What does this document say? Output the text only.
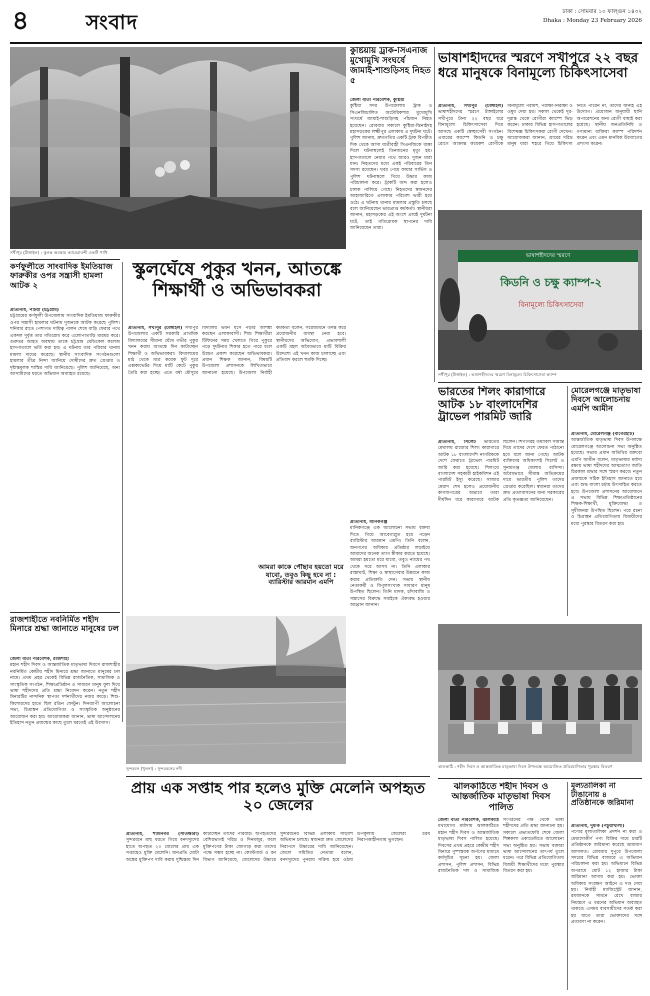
৪	সংবাদ	ঢাকা : সোমবার ১০ ফাল্গুন ১৪৩২
Dhaka : Monday 23 February 2026
সখীপুর (টাঙ্গাইল) : ঝুলন্ত অবস্থায় ক্যামেরাবন্দী একটি পাখি
কুষ্টিয়ায় ট্রাক-সিএনজি মুখোমুখি সংঘর্ষে জামাই-শাশুড়িসহ নিহত ৫
জেলা বার্তা পরিবেশক, কুষ্টিয়া
কুষ্টিয়া সদর উপজেলায় ট্রাক ও সিএনজিচালিত অটোরিকশার মুখোমুখি সংঘর্ষে জামাই-শাশুড়িসহ পাঁচজন নিহত হয়েছেন। রোববার সকালে কুষ্টিয়া-ঝিনাইদহ মহাসড়কের লক্ষ্মীপুর এলাকায় এ দুর্ঘটনা ঘটে। পুলিশ জানায়, দ্রুতগতির একটি ট্রাক বিপরীত দিক থেকে আসা যাত্রীবাহী সিএনজিকে ধাক্কা দিলে ঘটনাস্থলেই তিনজনের মৃত্যু হয়। হাসপাতালে নেয়ার পথে আরও দুজন মারা যান। নিহতদের মধ্যে একই পরিবারের তিন সদস্য রয়েছেন। খবর পেয়ে ফায়ার সার্ভিস ও পুলিশ ঘটনাস্থলে গিয়ে উদ্ধার কাজ পরিচালনা করে। ট্রাকটি জব্দ করা হলেও চালক পালিয়ে গেছে। নিহতদের স্বজনদের আহাজারিতে এলাকার পরিবেশ ভারী হয়ে ওঠে। এ ঘটনায় থানায় মামলার প্রস্তুতি চলছে বলে জানিয়েছেন ভারপ্রাপ্ত কর্মকর্তা। স্থানীয়রা জানান, মহাসড়কের এই অংশে প্রায়ই দুর্ঘটনা ঘটে, তাই গতিরোধক স্থাপনের দাবি জানিয়েছেন তারা।
ভাষাশহীদদের স্মরণে সখীপুরে ২২ বছর ধরে মানুষকে বিনামূল্যে চিকিৎসাসেবা
প্রতিনিধি, সখীপুর (টাঙ্গাইল) ভাষাশহীদদের স্মরণে টাঙ্গাইলের সখীপুরে টানা ২২ বছর ধরে বিনামূল্যে চিকিৎসাসেবা দিয়ে আসছে একটি স্বেচ্ছাসেবী সংগঠন। এবারের ক্যাম্পে কিডনি ও চক্ষু রোগে আক্রান্ত কয়েকশ রোগীকে বিনামূল্যে পরামর্শ, পরীক্ষা-নিরীক্ষা ও ওষুধ দেয়া হয়। সকাল থেকেই দূর-দূরান্ত থেকে রোগীরা ক্যাম্পে ভিড় করেন। ঢাকার বিভিন্ন হাসপাতালের বিশেষজ্ঞ চিকিৎসকরা রোগী দেখেন। আয়োজকরা জানান, গ্রামের দরিদ্র মানুষ যারা শহরে গিয়ে চিকিৎসা নিতে পারেন না, তাদের জন্যই এই উদ্যোগ। প্রয়োজন অনুযায়ী ছানি অপারেশনের জন্য রোগী বাছাই করা হয়েছে। স্থানীয় জনপ্রতিনিধি ও গণ্যমান্য ব্যক্তিরা ক্যাম্প পরিদর্শন করেন এবং এমন মানবিক উদ্যোগের প্রশংসা করেন।
ভাষাশহীদদের স্মরণে
কিডনি ও চক্ষু ক্যাম্প-২
বিনামূল্যে চিকিৎসাসেবা
সখীপুর (টাঙ্গাইল) : ভাষাশহীদদের স্মরণে বিনামূল্যে চিকিৎসাসেবা ক্যাম্প
কর্ণফুলীতে সাংবাদিক ইমতিয়াজ ফারুকীর ওপর সন্ত্রাসী হামলা আটক ২
প্রতিনিধি, পটিয়া (চট্টগ্রাম)
চট্টগ্রামের কর্ণফুলী উপজেলায় সাংবাদিক ইমতিয়াজ ফারুকীর ওপর সন্ত্রাসী হামলার ঘটনায় দুজনকে আটক করেছে পুলিশ। শনিবার রাতে পেশাগত দায়িত্ব পালন শেষে বাড়ি ফেরার পথে একদল দুর্বৃত্ত তার গতিরোধ করে এলোপাতাড়ি মারধর করে। গুরুতর আহত অবস্থায় তাকে চট্টগ্রাম মেডিকেল কলেজ হাসপাতালে ভর্তি করা হয়। এ ঘটনায় তার পরিবার থানায় মামলা দায়ের করেছে। স্থানীয় সাংবাদিক সংগঠনগুলো হামলার তীব্র নিন্দা জানিয়ে দোষীদের দ্রুত গ্রেপ্তার ও দৃষ্টান্তমূলক শাস্তির দাবি জানিয়েছে। পুলিশ জানিয়েছে, অন্য আসামিদের ধরতে অভিযান অব্যাহত রয়েছে।
স্কুলঘেঁষে পুকুর খনন, আতঙ্কে শিক্ষার্থী ও অভিভাবকরা
প্রতিনিধি, সখীপুর (টাঙ্গাইল) সখীপুর উপজেলার একটি সরকারি প্রাথমিক বিদ্যালয়ের সীমানা ঘেঁষে গভীর পুকুর খনন করায় আতঙ্কে দিন কাটাচ্ছেন শিক্ষার্থী ও অভিভাবকরা। বিদ্যালয়ের মাঠ থেকে মাত্র কয়েক ফুট দূরে এক্সকাভেটর দিয়ে মাটি কেটে পুকুর তৈরি করা হচ্ছে। এতে বর্ষা মৌসুমে বিদ্যালয় ভবন ধসে পড়ার আশঙ্কা করছেন এলাকাবাসী। শিশু শিক্ষার্থীরা টিফিনের সময় খেলতে গিয়ে পুকুরে পড়ে দুর্ঘটনার শিকার হতে পারে বলে উদ্বেগ প্রকাশ করেছেন অভিভাবকরা। প্রধান শিক্ষক জানান, বিষয়টি উপজেলা প্রশাসনকে লিখিতভাবে জানানো হয়েছে। উপজেলা নির্বাহী কর্মকর্তা বলেন, সরেজমিনে তদন্ত করে প্রয়োজনীয় ব্যবস্থা নেয়া হবে। স্থানীয়দের অভিযোগ, প্রভাবশালী একটি মহল অবৈধভাবে মাটি বিক্রির উদ্দেশ্যে এই খনন কাজ চালাচ্ছে এবং প্রতিবাদ করলে হুমকি দিচ্ছে।
আমরা কাকে পৌঁছাব হয়তো মরে যাবো, তবুও কিছু হবে না : ব্যারিস্টার আরমান এমপি
প্রতিনিধি, মানিকগঞ্জ
মানিকগঞ্জে এক আলোচনা সভায় বক্তব্য দিতে গিয়ে আবেগাপ্লুত হয়ে পড়েন ব্যারিস্টার আরমান এমপি। তিনি বলেন, জনগণের অধিকার প্রতিষ্ঠার লড়াইয়ে আমাদের অনেক ত্যাগ স্বীকার করতে হয়েছে। আমরা হয়তো মরে যাবো, তবুও ন্যায়ের পথ থেকে সরে আসব না। তিনি এলাকার রাস্তাঘাট, শিক্ষা ও স্বাস্থ্যসেবার উন্নয়নে কাজ করার প্রতিশ্রুতি দেন। সভায় স্থানীয় নেতাকর্মী ও বিপুলসংখ্যক সাধারণ মানুষ উপস্থিত ছিলেন। তিনি মাদক, চাঁদাবাজি ও সন্ত্রাসের বিরুদ্ধে সবাইকে ঐক্যবদ্ধ হওয়ার আহ্বান জানান।
ভারতের শিলং কারাগারে আটক ১৮ বাংলাদেশির ট্রাভেল পারমিট জারি
প্রতিনিধি, সিলেট ভারতের মেঘালয় রাজ্যের শিলং কারাগারে আটক ১৮ বাংলাদেশি নাগরিককে দেশে ফেরাতে ট্রাভেল পারমিট জারি করা হয়েছে। শিলংয়ে বাংলাদেশ সহকারী হাইকমিশন এই পারমিট ইস্যু করেছে। সাজার মেয়াদ শেষ হলেও প্রয়োজনীয় কাগজপত্রের অভাবে তারা দীর্ঘদিন ধরে কারাগারে আটক ছিলেন। শিগগিরই তমাবিল সীমান্ত দিয়ে তাদের দেশে ফেরত পাঠানো হবে বলে জানা গেছে। আটক ব্যক্তিদের অধিকাংশই সিলেট ও সুনামগঞ্জ জেলার বাসিন্দা। অবৈধভাবে সীমান্ত অতিক্রমের দায়ে ভারতীয় পুলিশ তাদের গ্রেপ্তার করেছিল। স্বজনরা তাদের দ্রুত প্রত্যাবাসনের জন্য সরকারের প্রতি কৃতজ্ঞতা জানিয়েছেন।
মোরেলগঞ্জে মাতৃভাষা দিবসে আলোচনায় এমপি আমীন
প্রতিনিধি, মোরেলগঞ্জ (বাগেরহাট)
আন্তর্জাতিক মাতৃভাষা দিবস উপলক্ষে মোরেলগঞ্জে আলোচনা সভা অনুষ্ঠিত হয়েছে। সভায় প্রধান অতিথির বক্তব্যে এমপি আমীন বলেন, মাতৃভাষার মর্যাদা রক্ষায় ভাষা শহীদদের আত্মত্যাগ জাতি চিরকাল শ্রদ্ধার সঙ্গে স্মরণ করবে। নতুন প্রজন্মকে সঠিক ইতিহাস জানাতে হবে এবং শুদ্ধ বাংলা চর্চায় উৎসাহিত করতে হবে। উপজেলা প্রশাসনের আয়োজনে এ সভায় বিভিন্ন শিক্ষাপ্রতিষ্ঠানের শিক্ষক-শিক্ষার্থী, মুক্তিযোদ্ধা ও সুধীজনরা উপস্থিত ছিলেন। পরে রচনা ও চিত্রাঙ্কন প্রতিযোগিতায় বিজয়ীদের মধ্যে পুরস্কার বিতরণ করা হয়।
রাজশাহীতে নবনির্মিত শহীদ মিনারে শ্রদ্ধা জানাতে মানুষের ঢল
জেলা বার্তা পরিবেশক, রাজশাহী
মহান শহীদ দিবস ও আন্তর্জাতিক মাতৃভাষা দিবসে রাজশাহীর নবনির্মিত কেন্দ্রীয় শহীদ মিনারে শ্রদ্ধা জানাতে মানুষের ঢল নামে। প্রথম প্রহর থেকেই বিভিন্ন রাজনৈতিক, সামাজিক ও সাংস্কৃতিক সংগঠন, শিক্ষাপ্রতিষ্ঠান ও সাধারণ মানুষ ফুল দিয়ে ভাষা শহীদদের প্রতি শ্রদ্ধা নিবেদন করেন। নতুন শহীদ মিনারটির নান্দনিক স্থাপত্য দর্শনার্থীদের নজর কাড়ে। শিশু-কিশোরদের হাতে ছিল রঙিন ফেস্টুন। দিনব্যাপী আলোচনা সভা, চিত্রাঙ্কন প্রতিযোগিতা ও সাংস্কৃতিক অনুষ্ঠানের আয়োজন করা হয়। আয়োজকরা জানান, ভাষা আন্দোলনের ইতিহাস নতুন প্রজন্মের কাছে তুলে ধরতেই এই উদ্যোগ।
সুন্দরবন (খুলনা) : সুন্দরবনের নদী
প্রায় এক সপ্তাহ পার হলেও মুক্তি মেলেনি অপহৃত ২০ জেলের
প্রতিনিধি, শ্যামনগর (সাতক্ষীরা) সুন্দরবনে মাছ ধরতে গিয়ে বনদস্যুদের হাতে অপহৃত ২০ জেলের প্রায় এক সপ্তাহেও মুক্তি মেলেনি। জনপ্রতি মোটা অঙ্কের মুক্তিপণ দাবি করায় দুশ্চিন্তায় দিন কাটাচ্ছেন তাদের পরিবার। অপহৃতদের বেশিরভাগই দরিদ্র ও দিনমজুর, ফলে মুক্তিপণের টাকা জোগাড় করা তাদের পক্ষে সম্ভব হচ্ছে না। কোস্টগার্ড ও বন বিভাগ জানিয়েছে, জেলেদের উদ্ধারে সুন্দরবনের বিভিন্ন এলাকায় সাঁড়াশি অভিযান চলছে। স্বজনরা দ্রুত জেলেদের নিরাপদে উদ্ধারের দাবি জানিয়েছেন। জেলে সমিতির নেতারা বলেন, বনদস্যুদের পুনরায় সক্রিয় হয়ে ওঠায় উপকূলীয় জেলেরা চরম নিরাপত্তাহীনতায় ভুগছেন।
ঝালকাঠি : শহীদ দিবস ও আন্তর্জাতিক মাতৃভাষা দিবস উপলক্ষে আয়োজিত প্রতিযোগিতার পুরস্কার বিতরণ
ঝালকাঠিতে শহীদ দিবস ও আন্তর্জাতিক মাতৃভাষা দিবস পালিত
জেলা বার্তা পরিবেশক, ঝালকাঠি যথাযোগ্য মর্যাদায় ঝালকাঠিতে মহান শহীদ দিবস ও আন্তর্জাতিক মাতৃভাষা দিবস পালিত হয়েছে। দিবসের প্রথম প্রহরে কেন্দ্রীয় শহীদ মিনারে পুষ্পস্তবক অর্পণের মাধ্যমে কর্মসূচির সূচনা হয়। জেলা প্রশাসন, পুলিশ প্রশাসন, বিভিন্ন রাজনৈতিক দল ও সামাজিক সংগঠনের পক্ষ থেকে ভাষা শহীদদের প্রতি শ্রদ্ধা জানানো হয়। সকালে প্রভাতফেরি শেষে জেলা শিল্পকলা একাডেমিতে আলোচনা সভা অনুষ্ঠিত হয়। সভায় বক্তারা ভাষা আন্দোলনের তাৎপর্য তুলে ধরেন। পরে বিভিন্ন প্রতিযোগিতায় বিজয়ী শিক্ষার্থীদের মধ্যে পুরস্কার বিতরণ করা হয়।
মূল্যতালিকা না টাঙানোয় ৪ প্রতিষ্ঠানকে জরিমানা
প্রতিনিধি, দুমকি (পটুয়াখালী)
পণ্যের মূল্যতালিকা প্রদর্শন না করা ও মেয়াদোত্তীর্ণ পণ্য বিক্রির দায়ে চারটি প্রতিষ্ঠানকে জরিমানা করেছে ভ্রাম্যমাণ আদালত। রোববার দুপুরে উপজেলা সদরের বিভিন্ন বাজারে এ অভিযান পরিচালনা করা হয়। অভিযানে বিভিন্ন অপরাধে মোট ১২ হাজার টাকা জরিমানা আদায় করা হয়। ভোক্তা অধিকার সংরক্ষণ আইনে এ দণ্ড দেয়া হয়। নির্বাহী ম্যাজিস্ট্রেট জানান, রমজানকে সামনে রেখে বাজার নিয়ন্ত্রণে এ ধরনের অভিযান অব্যাহত থাকবে। এসময় ব্যবসায়ীদের সতর্ক করা হয় যাতে তারা ভোক্তাদের সঙ্গে প্রতারণা না করেন।
